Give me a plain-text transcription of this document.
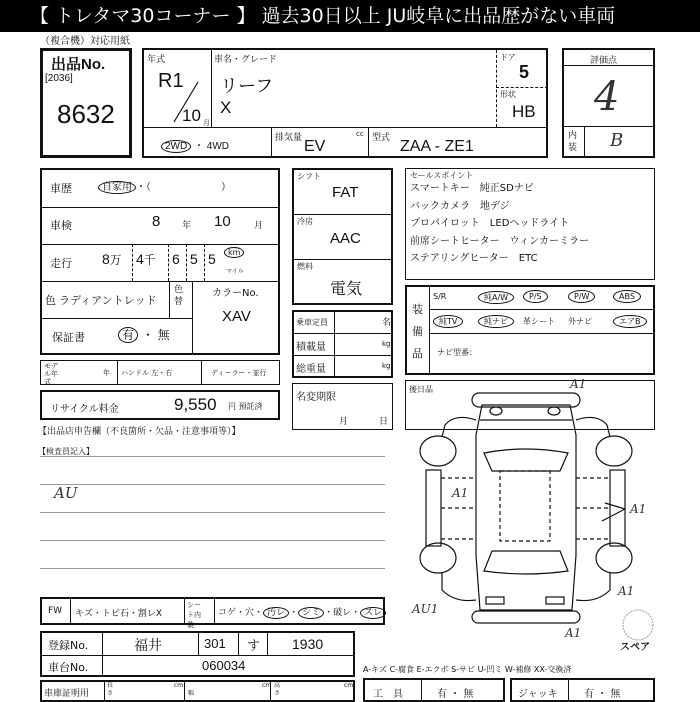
【 トレタマ30コーナー 】 過去30日以上 JU岐阜に出品歴がない車両
（複合機）対応用紙
出品No.
[2036]
8632
年式
R1
10 月
車名・グレード
リーフ
X
ドア
5
形状
HB
2WD ・ 4WD
排気量	cc
EV	型式 ZAA - ZE1
評価点
4
内装 B
車歴	自家用 ・（　　　　　　　）
車検	8 年 10	月
走行 8万 4千 6 5 5	km
マイル
色 ラディアントレッド
色替
カラーNo.
XAV
保証書	有 ・ 無
モデル年式
年 ハンドル 左・右	ディーラー・並行
リサイクル料金	9,550 円 預託済
【出品店申告欄（不良箇所・欠品・注意事項等）】
シフト
FAT
冷房
AAC
燃料
電気
乗車定員	名
積載量	kg
総重量	kg
名変期限
月	日
セールスポイント
スマートキー　純正SDナビ
バックカメラ　地デジ
プロパイロット　LEDヘッドライト
前席シートヒーター　ウィンカーミラー
ステアリングヒーター　ETC
装備品
S/R	純A/W	P/S	P/W	ABS
純TV	純ナビ	革シート 外ナビ	エアB
ナビ型番：
後日品
【検査員記入】
AU
FW キズ・トビ石・割レX
シート内装
コゲ・穴・ 汚レ ・ シミ ・破レ・ スレ
登録No.	福井	301 す 1930
車台No.	060034
車庫証明用
長さ
cm
幅
cm 高さ
cm
A-キズ C-腐食 E-エクボ S-サビ U-凹ミ W-補修 XX-交換済
工　具	有 ・ 無	ジャッキ	有 ・ 無
A1
A1
A1
AU1
A1
A1
スペア
